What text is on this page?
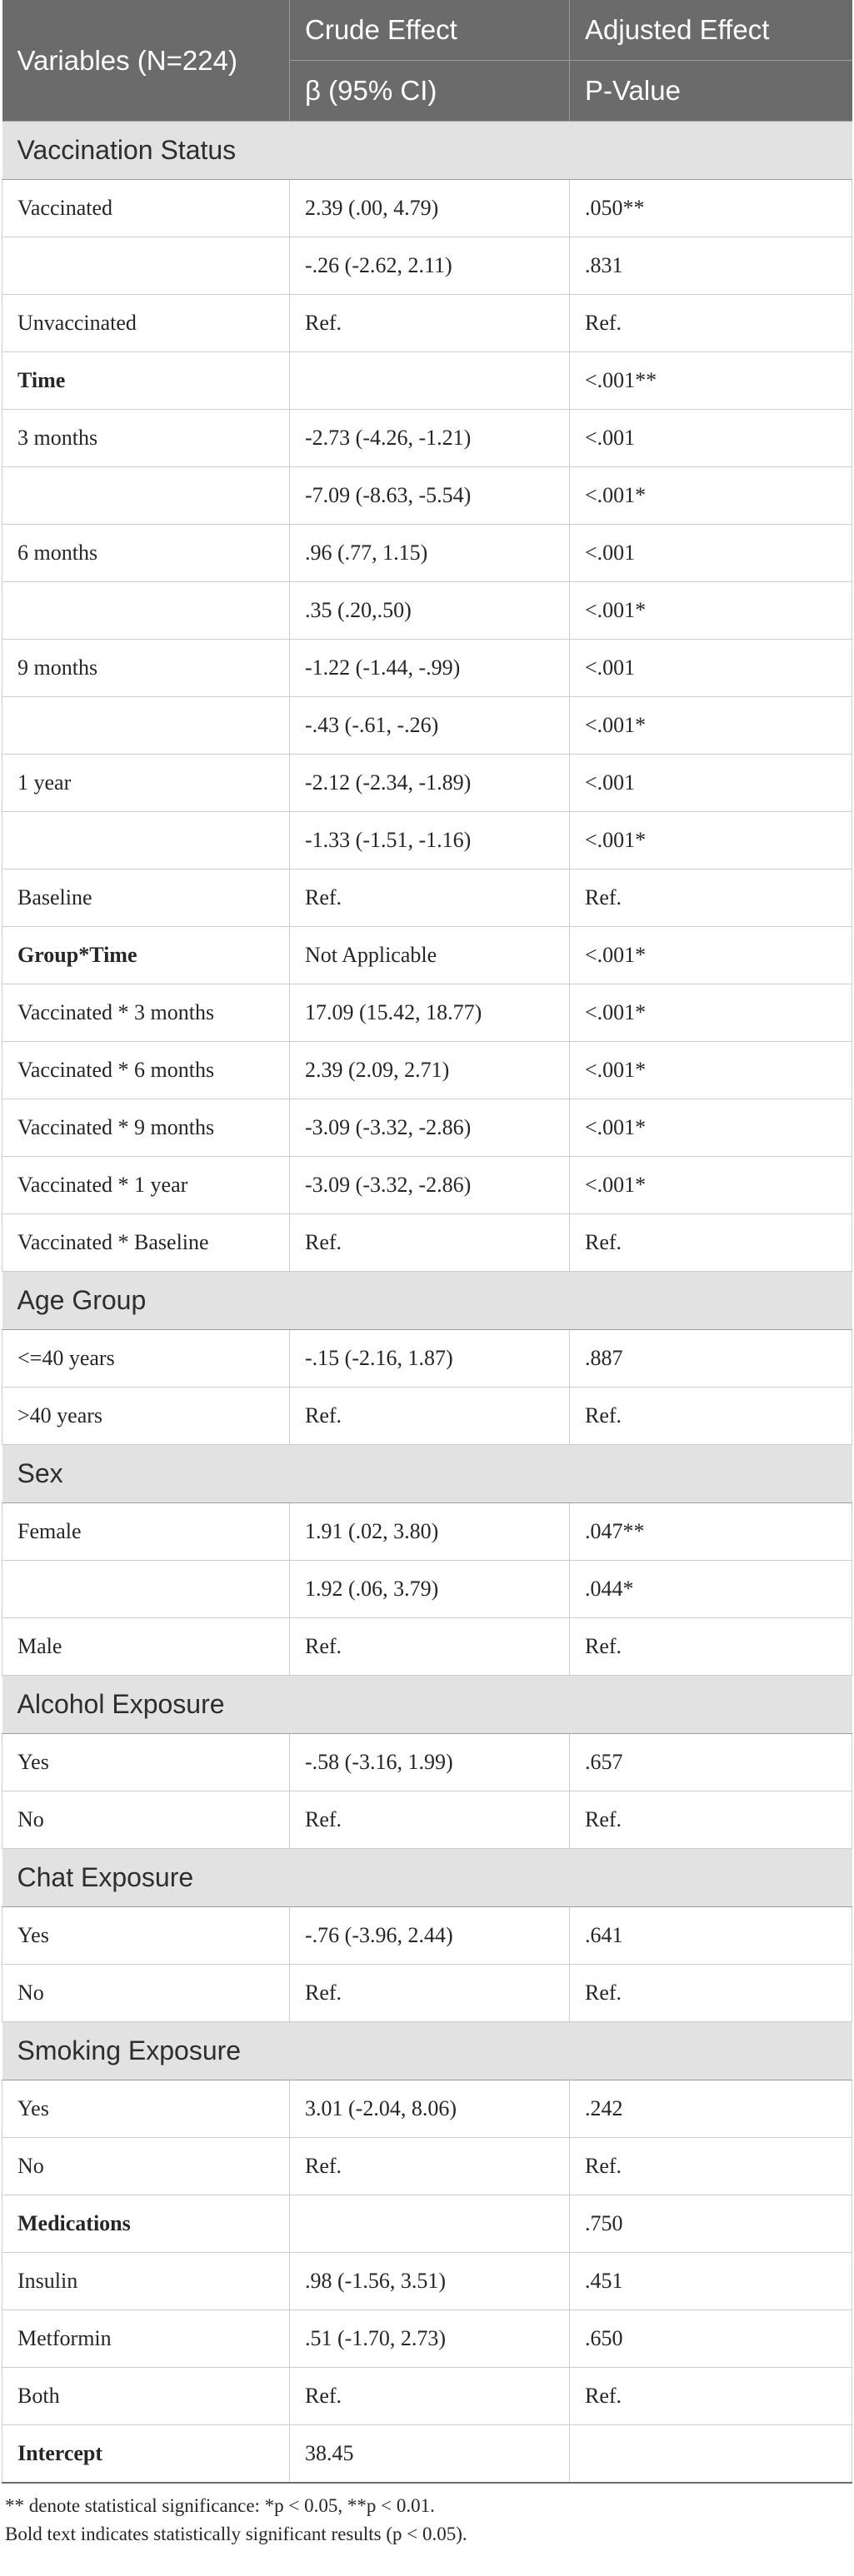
Variables (N=224)	Crude Effect	Adjusted Effect
	β (95% CI)	P-Value
Vaccination Status		
Vaccinated	2.39 (.00, 4.79)	.050**
	-.26 (-2.62, 2.11)	.831
Unvaccinated	Ref.	Ref.
Time		<.001**
3 months	-2.73 (-4.26, -1.21)	<.001
	-7.09 (-8.63, -5.54)	<.001*
6 months	.96 (.77, 1.15)	<.001
	.35 (.20,.50)	<.001*
9 months	-1.22 (-1.44, -.99)	<.001
	-.43 (-.61, -.26)	<.001*
1 year	-2.12 (-2.34, -1.89)	<.001
	-1.33 (-1.51, -1.16)	<.001*
Baseline	Ref.	Ref.
Group*Time	Not Applicable	<.001*
Vaccinated * 3 months	17.09 (15.42, 18.77)	<.001*
Vaccinated * 6 months	2.39 (2.09, 2.71)	<.001*
Vaccinated * 9 months	-3.09 (-3.32, -2.86)	<.001*
Vaccinated * 1 year	-3.09 (-3.32, -2.86)	<.001*
Vaccinated * Baseline	Ref.	Ref.
Age Group		
<=40 years	-.15 (-2.16, 1.87)	.887
>40 years	Ref.	Ref.
Sex		
Female	1.91 (.02, 3.80)	.047**
	1.92 (.06, 3.79)	.044*
Male	Ref.	Ref.
Alcohol Exposure		
Yes	-.58 (-3.16, 1.99)	.657
No	Ref.	Ref.
Chat Exposure		
Yes	-.76 (-3.96, 2.44)	.641
No	Ref.	Ref.
Smoking Exposure		
Yes	3.01 (-2.04, 8.06)	.242
No	Ref.	Ref.
Medications		.750
Insulin	.98 (-1.56, 3.51)	.451
Metformin	.51 (-1.70, 2.73)	.650
Both	Ref.	Ref.
Intercept	38.45	
** denote statistical significance: *p < 0.05, **p < 0.01.
Bold text indicates statistically significant results (p < 0.05).
